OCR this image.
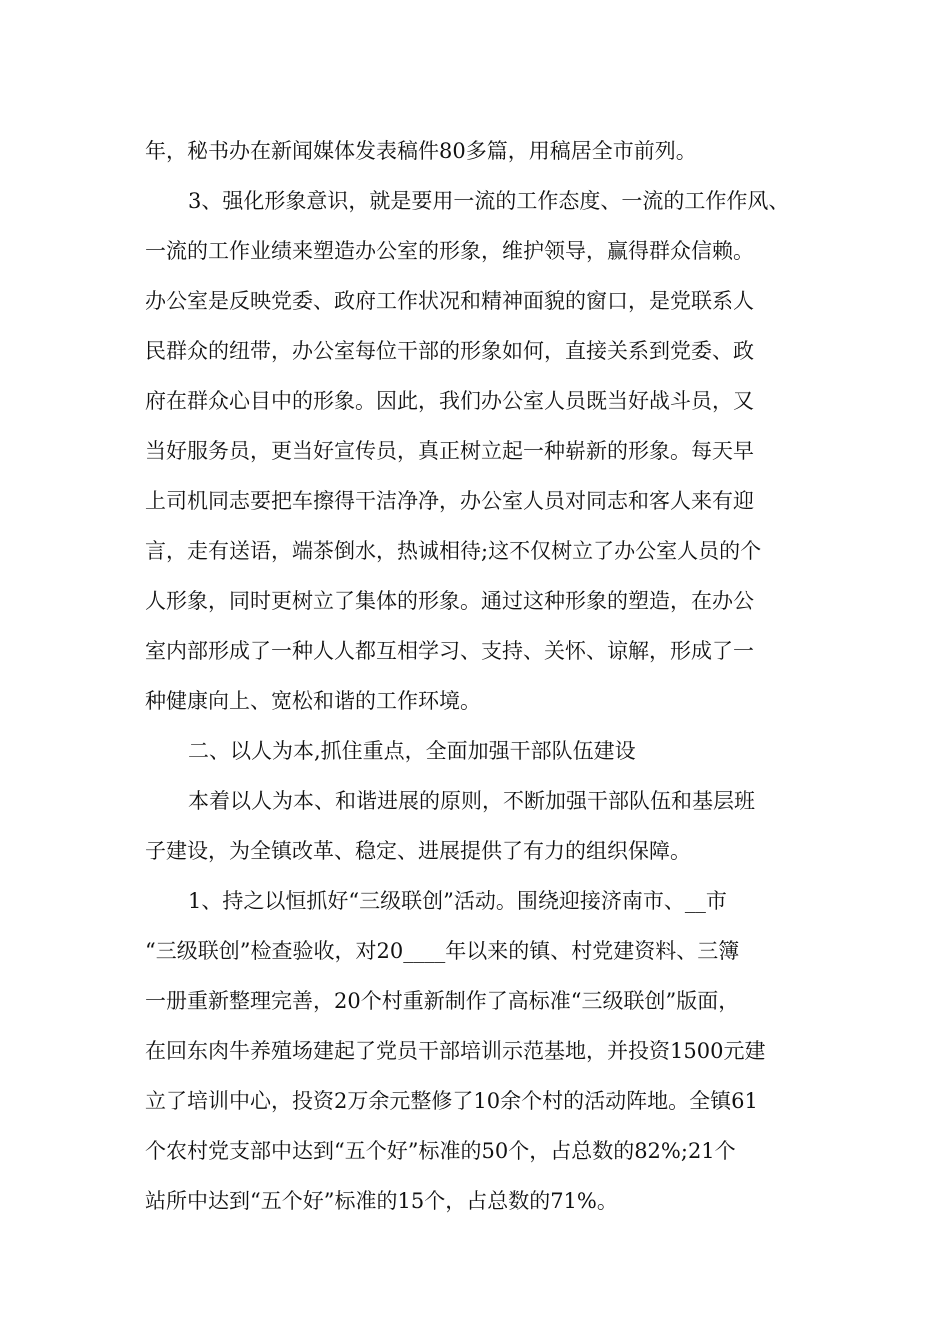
年，秘书办在新闻媒体发表稿件80多篇，用稿居全市前列。
3、强化形象意识，就是要用一流的工作态度、一流的工作作风、
一流的工作业绩来塑造办公室的形象，维护领导，赢得群众信赖。
办公室是反映党委、政府工作状况和精神面貌的窗口，是党联系人
民群众的纽带，办公室每位干部的形象如何，直接关系到党委、政
府在群众心目中的形象。因此，我们办公室人员既当好战斗员，又
当好服务员，更当好宣传员，真正树立起一种崭新的形象。每天早
上司机同志要把车擦得干洁净净，办公室人员对同志和客人来有迎
言，走有送语，端茶倒水，热诚相待;这不仅树立了办公室人员的个
人形象，同时更树立了集体的形象。通过这种形象的塑造，在办公
室内部形成了一种人人都互相学习、支持、关怀、谅解，形成了一
种健康向上、宽松和谐的工作环境。
二、以人为本,抓住重点，全面加强干部队伍建设
本着以人为本、和谐进展的原则，不断加强干部队伍和基层班
子建设，为全镇改革、稳定、进展提供了有力的组织保障。
1、持之以恒抓好“三级联创”活动。围绕迎接济南市、__市
“三级联创”检查验收，对20____年以来的镇、村党建资料、三簿
一册重新整理完善，20个村重新制作了高标准“三级联创”版面，
在回东肉牛养殖场建起了党员干部培训示范基地，并投资1500元建
立了培训中心，投资2万余元整修了10余个村的活动阵地。全镇61
个农村党支部中达到“五个好”标准的50个，占总数的82%;21个
站所中达到“五个好”标准的15个，占总数的71%。
